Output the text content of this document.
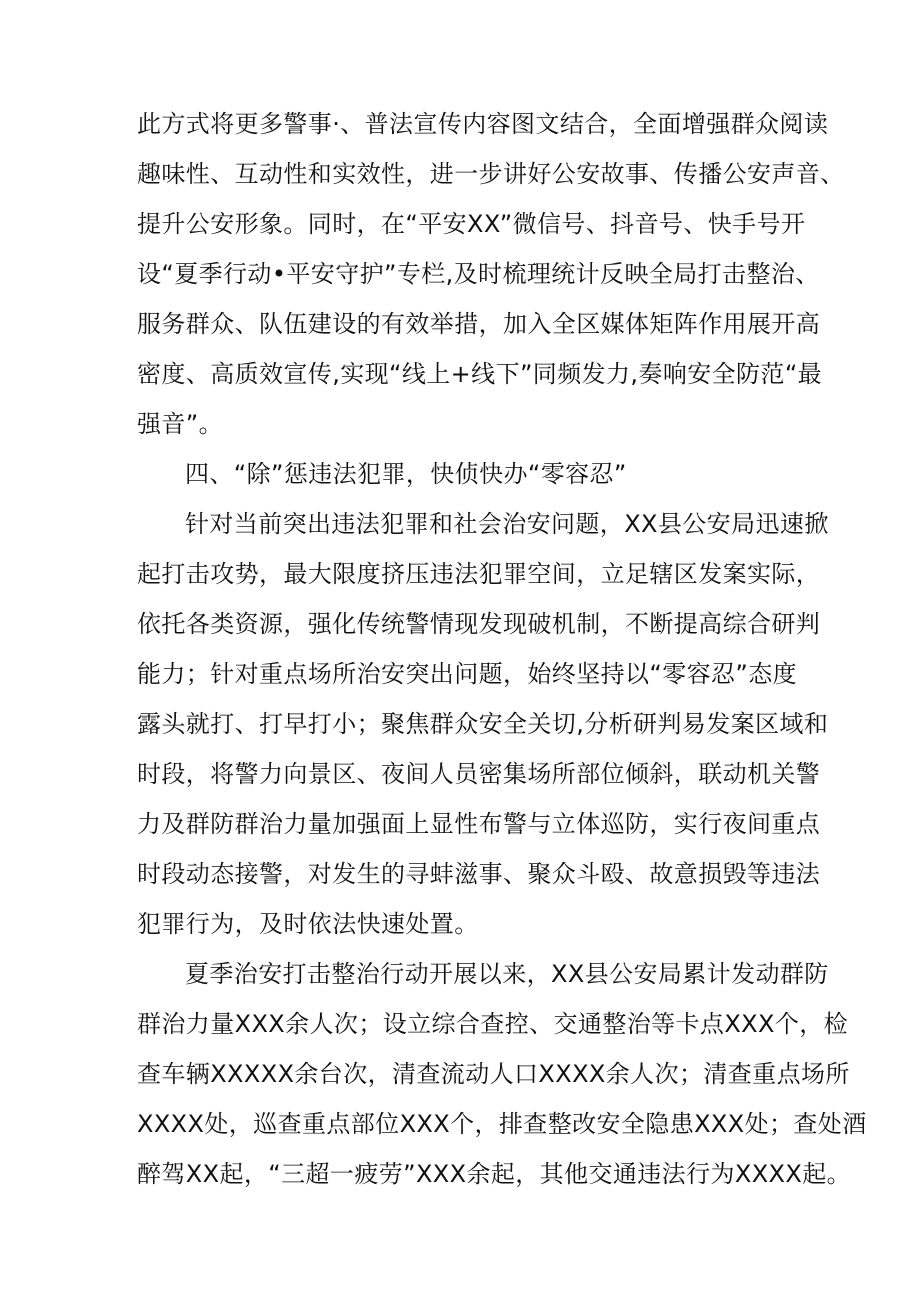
此方式将更多警事·、普法宣传内容图文结合，全面增强群众阅读
趣味性、互动性和实效性，进一步讲好公安故事、传播公安声音、
提升公安形象。同时，在“平安XX”微信号、抖音号、快手号开
设“夏季行动•平安守护”专栏,及时梳理统计反映全局打击整治、
服务群众、队伍建设的有效举措，加入全区媒体矩阵作用展开高
密度、高质效宣传,实现“线上+线下”同频发力,奏响安全防范“最
强音”。
四、“除”惩违法犯罪，快侦快办“零容忍”
针对当前突出违法犯罪和社会治安问题，XX县公安局迅速掀
起打击攻势，最大限度挤压违法犯罪空间，立足辖区发案实际，
依托各类资源，强化传统警情现发现破机制，不断提高综合研判
能力；针对重点场所治安突出问题，始终坚持以“零容忍”态度
露头就打、打早打小；聚焦群众安全关切,分析研判易发案区域和
时段，将警力向景区、夜间人员密集场所部位倾斜，联动机关警
力及群防群治力量加强面上显性布警与立体巡防，实行夜间重点
时段动态接警，对发生的寻蚌滋事、聚众斗殴、故意损毁等违法
犯罪行为，及时依法快速处置。
夏季治安打击整治行动开展以来，XX县公安局累计发动群防
群治力量XXX余人次；设立综合查控、交通整治等卡点XXX个，检
查车辆XXXXX余台次，清查流动人口XXXX余人次；清查重点场所
XXXX处，巡查重点部位XXX个，排查整改安全隐患XXX处；查处酒
醉驾XX起，“三超一疲劳”XXX余起，其他交通违法行为XXXX起。
